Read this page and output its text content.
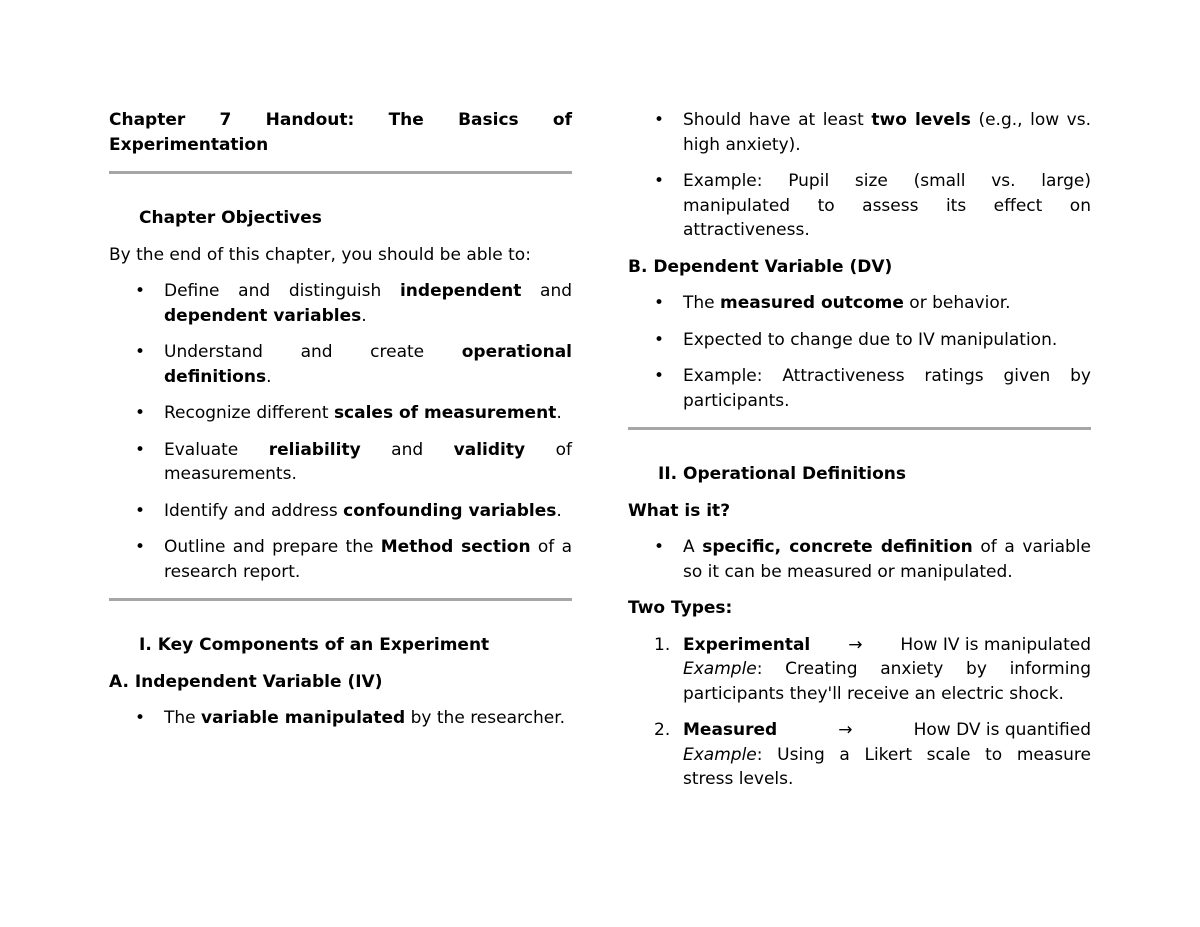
Chapter 7 Handout: The Basics of Experimentation

Chapter Objectives

By the end of this chapter, you should be able to:

• Define and distinguish independent and dependent variables.
• Understand and create operational definitions.
• Recognize different scales of measurement.
• Evaluate reliability and validity of measurements.
• Identify and address confounding variables.
• Outline and prepare the Method section of a research report.

I. Key Components of an Experiment

A. Independent Variable (IV)

• The variable manipulated by the researcher.
• Should have at least two levels (e.g., low vs. high anxiety).
• Example: Pupil size (small vs. large) manipulated to assess its effect on attractiveness.

B. Dependent Variable (DV)

• The measured outcome or behavior.
• Expected to change due to IV manipulation.
• Example: Attractiveness ratings given by participants.

II. Operational Definitions

What is it?

• A specific, concrete definition of a variable so it can be measured or manipulated.

Two Types:

1. Experimental → How IV is manipulated
Example: Creating anxiety by informing participants they'll receive an electric shock.
2. Measured	→	How DV is quantified
Example: Using a Likert scale to measure stress levels.
